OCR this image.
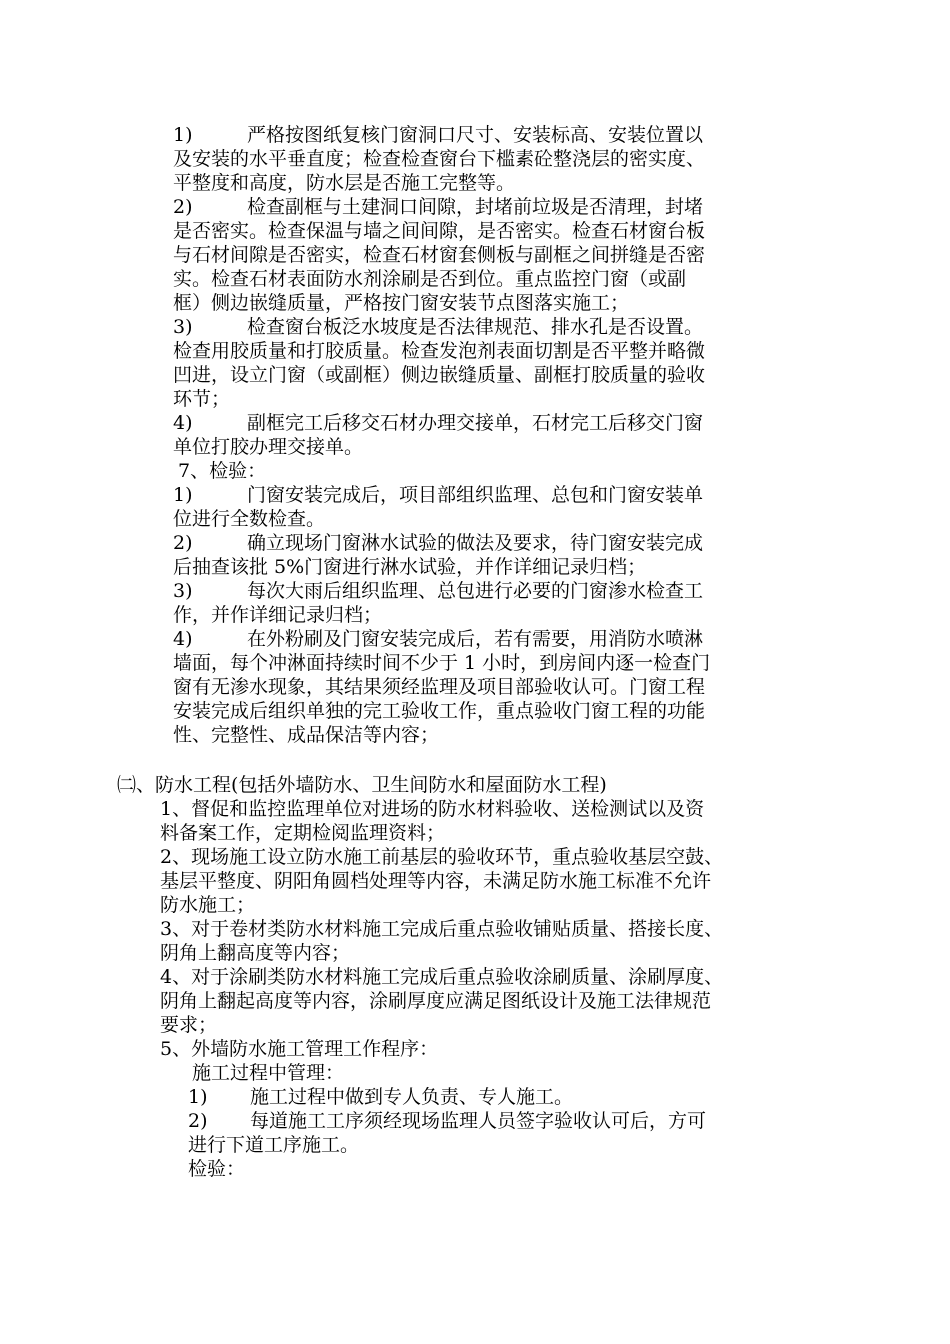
1)	严格按图纸复核门窗洞口尺寸、安装标高、安装位置以
及安装的水平垂直度；检查检查窗台下槛素砼整浇层的密实度、
平整度和高度，防水层是否施工完整等。
2)	检查副框与土建洞口间隙，封堵前垃圾是否清理，封堵
是否密实。检查保温与墙之间间隙，是否密实。检查石材窗台板
与石材间隙是否密实，检查石材窗套侧板与副框之间拼缝是否密
实。检查石材表面防水剂涂刷是否到位。重点监控门窗（或副
框）侧边嵌缝质量，严格按门窗安装节点图落实施工；
3)	检查窗台板泛水坡度是否法律规范、排水孔是否设置。
检查用胶质量和打胶质量。检查发泡剂表面切割是否平整并略微
凹进，设立门窗（或副框）侧边嵌缝质量、副框打胶质量的验收
环节；
4)	副框完工后移交石材办理交接单，石材完工后移交门窗
单位打胶办理交接单。
7、检验：
1)	门窗安装完成后，项目部组织监理、总包和门窗安装单
位进行全数检查。
2)	确立现场门窗淋水试验的做法及要求，待门窗安装完成
后抽查该批 5%门窗进行淋水试验，并作详细记录归档；
3)	每次大雨后组织监理、总包进行必要的门窗渗水检查工
作，并作详细记录归档；
4)	在外粉刷及门窗安装完成后，若有需要，用消防水喷淋
墙面，每个冲淋面持续时间不少于 1 小时，到房间内逐一检查门
窗有无渗水现象，其结果须经监理及项目部验收认可。门窗工程
安装完成后组织单独的完工验收工作，重点验收门窗工程的功能
性、完整性、成品保洁等内容；
㈡、防水工程(包括外墙防水、卫生间防水和屋面防水工程)
1、督促和监控监理单位对进场的防水材料验收、送检测试以及资
料备案工作，定期检阅监理资料；
2、现场施工设立防水施工前基层的验收环节，重点验收基层空鼓、
基层平整度、阴阳角圆档处理等内容，未满足防水施工标准不允许
防水施工；
3、对于卷材类防水材料施工完成后重点验收铺贴质量、搭接长度、
阴角上翻高度等内容；
4、对于涂刷类防水材料施工完成后重点验收涂刷质量、涂刷厚度、
阴角上翻起高度等内容，涂刷厚度应满足图纸设计及施工法律规范
要求；
5、外墙防水施工管理工作程序：
施工过程中管理：
1) 施工过程中做到专人负责、专人施工。
2) 每道施工工序须经现场监理人员签字验收认可后，方可
进行下道工序施工。
检验：
